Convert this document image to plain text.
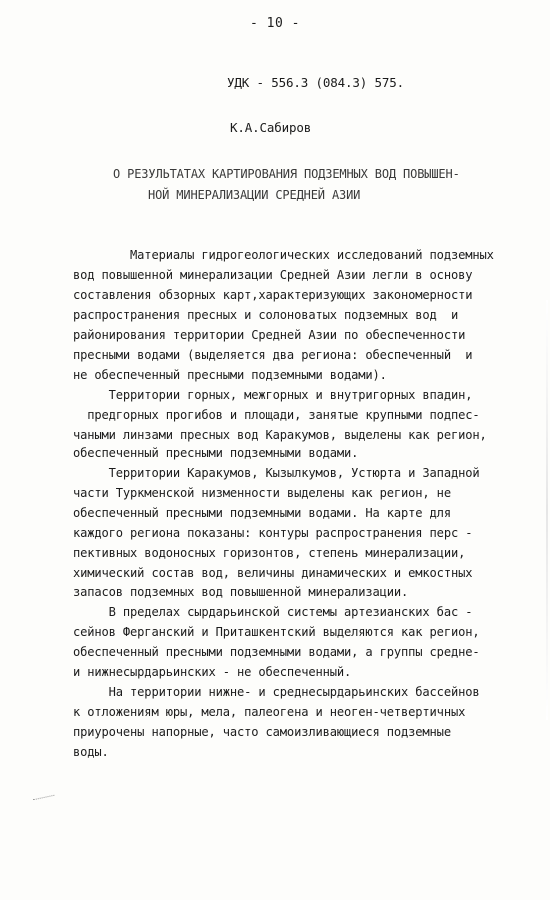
- 10 -
УДК - 556.3 (084.3) 575.
К.А.Сабиров
О РЕЗУЛЬТАТАХ КАРТИРОВАНИЯ ПОДЗЕМНЫХ ВОД ПОВЫШЕН-
НОЙ МИНЕРАЛИЗАЦИИ СРЕДНЕЙ АЗИИ
Материалы гидрогеологических исследований подземных
вод повышенной минерализации Средней Азии легли в основу
составления обзорных карт,характеризующих закономерности
распространения пресных и солоноватых подземных вод  и
районирования территории Средней Азии по обеспеченности
пресными водами (выделяется два региона: обеспеченный  и
не обеспеченный пресными подземными водами).
Территории горных, межгорных и внутригорных впадин,
предгорных прогибов и площади, занятые крупными подпес-
чаными линзами пресных вод Каракумов, выделены как регион,
обеспеченный пресными подземными водами.
Территории Каракумов, Кызылкумов, Устюрта и Западной
части Туркменской низменности выделены как регион, не
обеспеченный пресными подземными водами. На карте для
каждого региона показаны: контуры распространения перс -
пективных водоносных горизонтов, степень минерализации,
химический состав вод, величины динамических и емкостных
запасов подземных вод повышенной минерализации.
В пределах сырдарьинской системы артезианских бас -
сейнов Ферганский и Приташкентский выделяются как регион,
обеспеченный пресными подземными водами, а группы средне-
и нижнесырдарьинских - не обеспеченный.
На территории нижне- и среднесырдарьинских бассейнов
к отложениям юры, мела, палеогена и неоген-четвертичных
приурочены напорные, часто самоизливающиеся подземные
воды.
